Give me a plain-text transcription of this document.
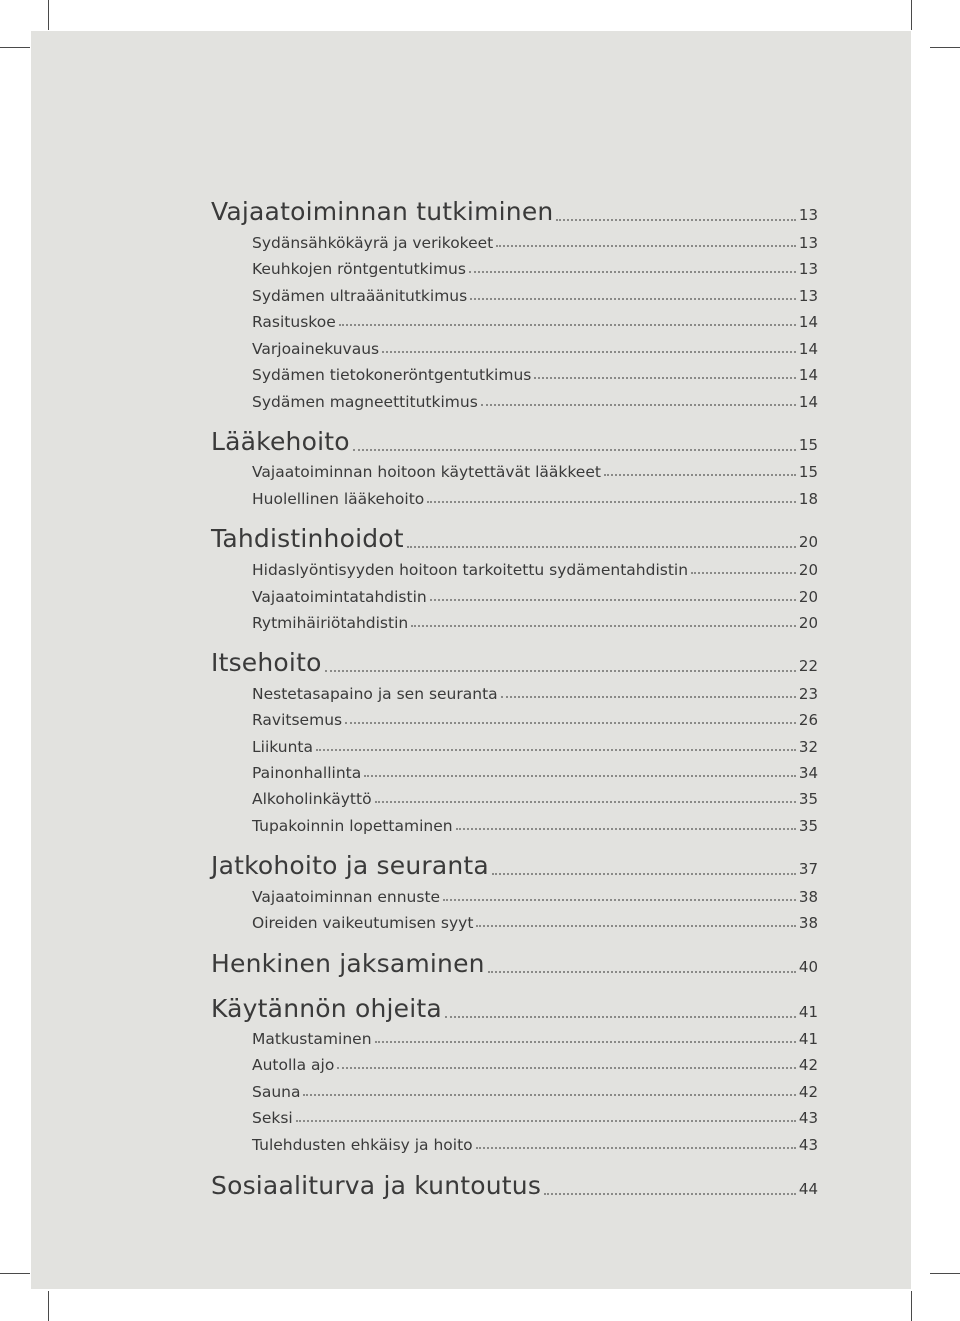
Vajaatoiminnan tutkiminen	13
Sydänsähkökäyrä ja verikokeet	13
Keuhkojen röntgentutkimus	13
Sydämen ultraäänitutkimus	13
Rasituskoe	14
Varjoainekuvaus	14
Sydämen tietokoneröntgentutkimus	14
Sydämen magneettitutkimus	14
Lääkehoito	15
Vajaatoiminnan hoitoon käytettävät lääkkeet	15
Huolellinen lääkehoito	18
Tahdistinhoidot	20
Hidaslyöntisyyden hoitoon tarkoitettu sydämentahdistin	20
Vajaatoimintatahdistin	20
Rytmihäiriötahdistin	20
Itsehoito	22
Nestetasapaino ja sen seuranta	23
Ravitsemus	26
Liikunta	32
Painonhallinta	34
Alkoholinkäyttö	35
Tupakoinnin lopettaminen	35
Jatkohoito ja seuranta	37
Vajaatoiminnan ennuste	38
Oireiden vaikeutumisen syyt	38
Henkinen jaksaminen	40
Käytännön ohjeita	41
Matkustaminen	41
Autolla ajo	42
Sauna	42
Seksi	43
Tulehdusten ehkäisy ja hoito	43
Sosiaaliturva ja kuntoutus	44
